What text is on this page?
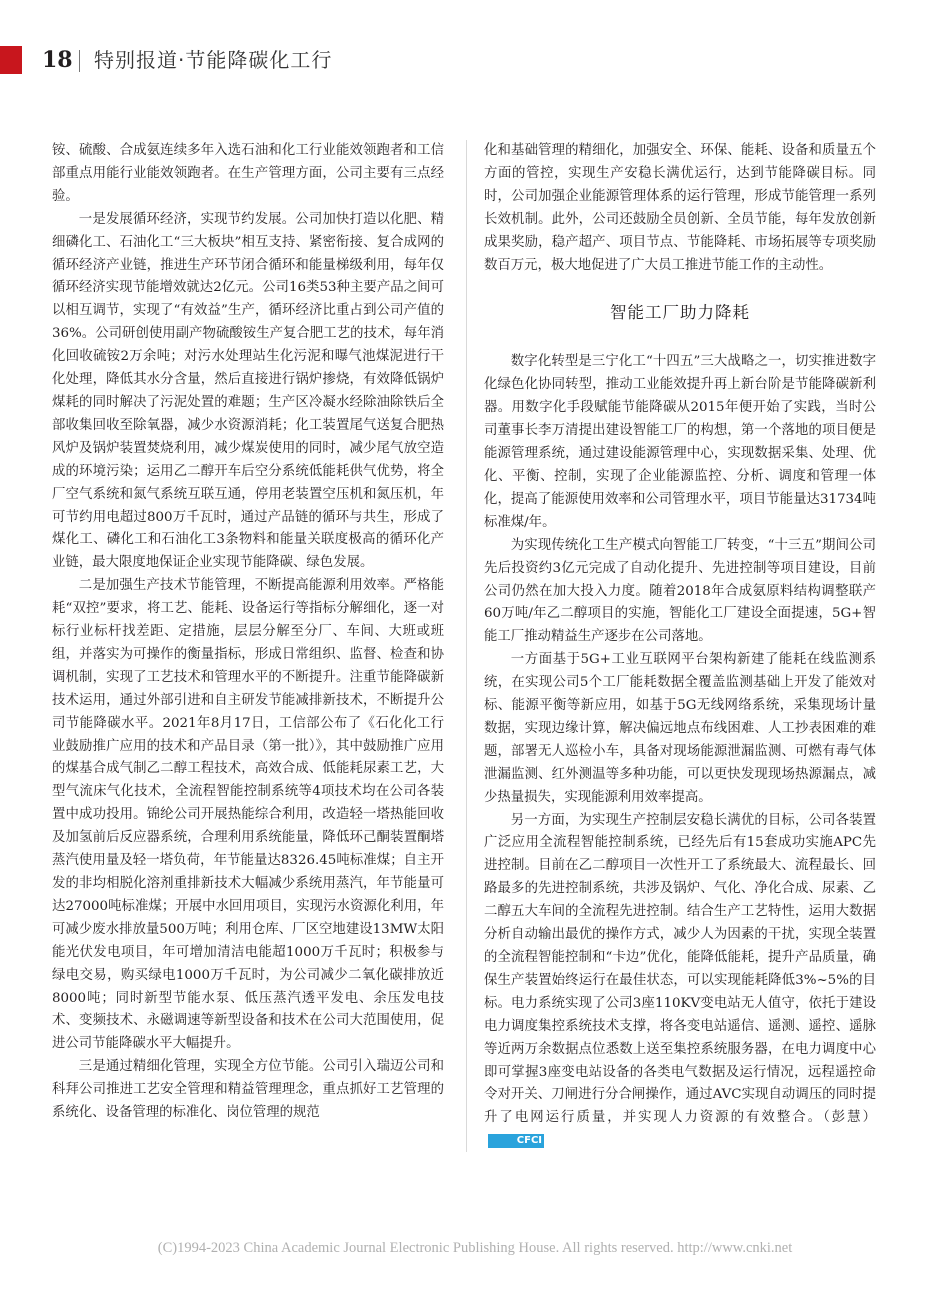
18 特别报道·节能降碳化工行

铵、硫酸、合成氨连续多年入选石油和化工行业能效领跑者和工信部重点用能行业能效领跑者。在生产管理方面，公司主要有三点经验。

一是发展循环经济，实现节约发展。公司加快打造以化肥、精细磷化工、石油化工“三大板块”相互支持、紧密衔接、复合成网的循环经济产业链，推进生产环节闭合循环和能量梯级利用，每年仅循环经济实现节能增效就达2亿元。公司16类53种主要产品之间可以相互调节，实现了“有效益”生产，循环经济比重占到公司产值的36%。公司研创使用副产物硫酸铵生产复合肥工艺的技术，每年消化回收硫铵2万余吨；对污水处理站生化污泥和曝气池煤泥进行干化处理，降低其水分含量，然后直接进行锅炉掺烧，有效降低锅炉煤耗的同时解决了污泥处置的难题；生产区冷凝水经除油除铁后全部收集回收至除氧器，减少水资源消耗；化工装置尾气送复合肥热风炉及锅炉装置焚烧利用，减少煤炭使用的同时，减少尾气放空造成的环境污染；运用乙二醇开车后空分系统低能耗供气优势，将全厂空气系统和氮气系统互联互通，停用老装置空压机和氮压机，年可节约用电超过800万千瓦时，通过产品链的循环与共生，形成了煤化工、磷化工和石油化工3条物料和能量关联度极高的循环化产业链，最大限度地保证企业实现节能降碳、绿色发展。

二是加强生产技术节能管理，不断提高能源利用效率。严格能耗“双控”要求，将工艺、能耗、设备运行等指标分解细化，逐一对标行业标杆找差距、定措施，层层分解至分厂、车间、大班或班组，并落实为可操作的衡量指标，形成日常组织、监督、检查和协调机制，实现了工艺技术和管理水平的不断提升。注重节能降碳新技术运用，通过外部引进和自主研发节能减排新技术，不断提升公司节能降碳水平。2021年8月17日，工信部公布了《石化化工行业鼓励推广应用的技术和产品目录（第一批）》，其中鼓励推广应用的煤基合成气制乙二醇工程技术，高效合成、低能耗尿素工艺，大型气流床气化技术，全流程智能控制系统等4项技术均在公司各装置中成功投用。锦纶公司开展热能综合利用，改造轻一塔热能回收及加氢前后反应器系统，合理利用系统能量，降低环己酮装置酮塔蒸汽使用量及轻一塔负荷，年节能量达8326.45吨标准煤；自主开发的非均相脱化溶剂重排新技术大幅减少系统用蒸汽，年节能量可达27000吨标准煤；开展中水回用项目，实现污水资源化利用，年可减少废水排放量500万吨；利用仓库、厂区空地建设13MW太阳能光伏发电项目，年可增加清洁电能超1000万千瓦时；积极参与绿电交易，购买绿电1000万千瓦时，为公司减少二氧化碳排放近8000吨；同时新型节能水泵、低压蒸汽透平发电、余压发电技术、变频技术、永磁调速等新型设备和技术在公司大范围使用，促进公司节能降碳水平大幅提升。

三是通过精细化管理，实现全方位节能。公司引入瑞迈公司和科拜公司推进工艺安全管理和精益管理理念，重点抓好工艺管理的系统化、设备管理的标准化、岗位管理的规范

化和基础管理的精细化，加强安全、环保、能耗、设备和质量五个方面的管控，实现生产安稳长满优运行，达到节能降碳目标。同时，公司加强企业能源管理体系的运行管理，形成节能管理一系列长效机制。此外，公司还鼓励全员创新、全员节能，每年发放创新成果奖励，稳产超产、项目节点、节能降耗、市场拓展等专项奖励数百万元，极大地促进了广大员工推进节能工作的主动性。

智能工厂助力降耗

数字化转型是三宁化工“十四五”三大战略之一，切实推进数字化绿色化协同转型，推动工业能效提升再上新台阶是节能降碳新利器。用数字化手段赋能节能降碳从2015年便开始了实践，当时公司董事长李万清提出建设智能工厂的构想，第一个落地的项目便是能源管理系统，通过建设能源管理中心，实现数据采集、处理、优化、平衡、控制，实现了企业能源监控、分析、调度和管理一体化，提高了能源使用效率和公司管理水平，项目节能量达31734吨标准煤/年。

为实现传统化工生产模式向智能工厂转变，“十三五”期间公司先后投资约3亿元完成了自动化提升、先进控制等项目建设，目前公司仍然在加大投入力度。随着2018年合成氨原料结构调整联产60万吨/年乙二醇项目的实施，智能化工厂建设全面提速，5G+智能工厂推动精益生产逐步在公司落地。

一方面基于5G+工业互联网平台架构新建了能耗在线监测系统，在实现公司5个工厂能耗数据全覆盖监测基础上开发了能效对标、能源平衡等新应用，如基于5G无线网络系统，采集现场计量数据，实现边缘计算，解决偏远地点布线困难、人工抄表困难的难题，部署无人巡检小车，具备对现场能源泄漏监测、可燃有毒气体泄漏监测、红外测温等多种功能，可以更快发现现场热源漏点，减少热量损失，实现能源利用效率提高。

另一方面，为实现生产控制层安稳长满优的目标，公司各装置广泛应用全流程智能控制系统，已经先后有15套成功实施APC先进控制。目前在乙二醇项目一次性开工了系统最大、流程最长、回路最多的先进控制系统，共涉及锅炉、气化、净化合成、尿素、乙二醇五大车间的全流程先进控制。结合生产工艺特性，运用大数据分析自动输出最优的操作方式，减少人为因素的干扰，实现全装置的全流程智能控制和“卡边”优化，能降低能耗，提升产品质量，确保生产装置始终运行在最佳状态，可以实现能耗降低3%~5%的目标。电力系统实现了公司3座110KV变电站无人值守，依托于建设电力调度集控系统技术支撑，将各变电站遥信、遥测、遥控、遥脉等近两万余数据点位悉数上送至集控系统服务器，在电力调度中心即可掌握3座变电站设备的各类电气数据及运行情况，远程遥控命令对开关、刀闸进行分合闸操作，通过AVC实现自动调压的同时提升了电网运行质量，并实现人力资源的有效整合。（彭慧）CFCI

(C)1994-2023 China Academic Journal Electronic Publishing House. All rights reserved. http://www.cnki.net
